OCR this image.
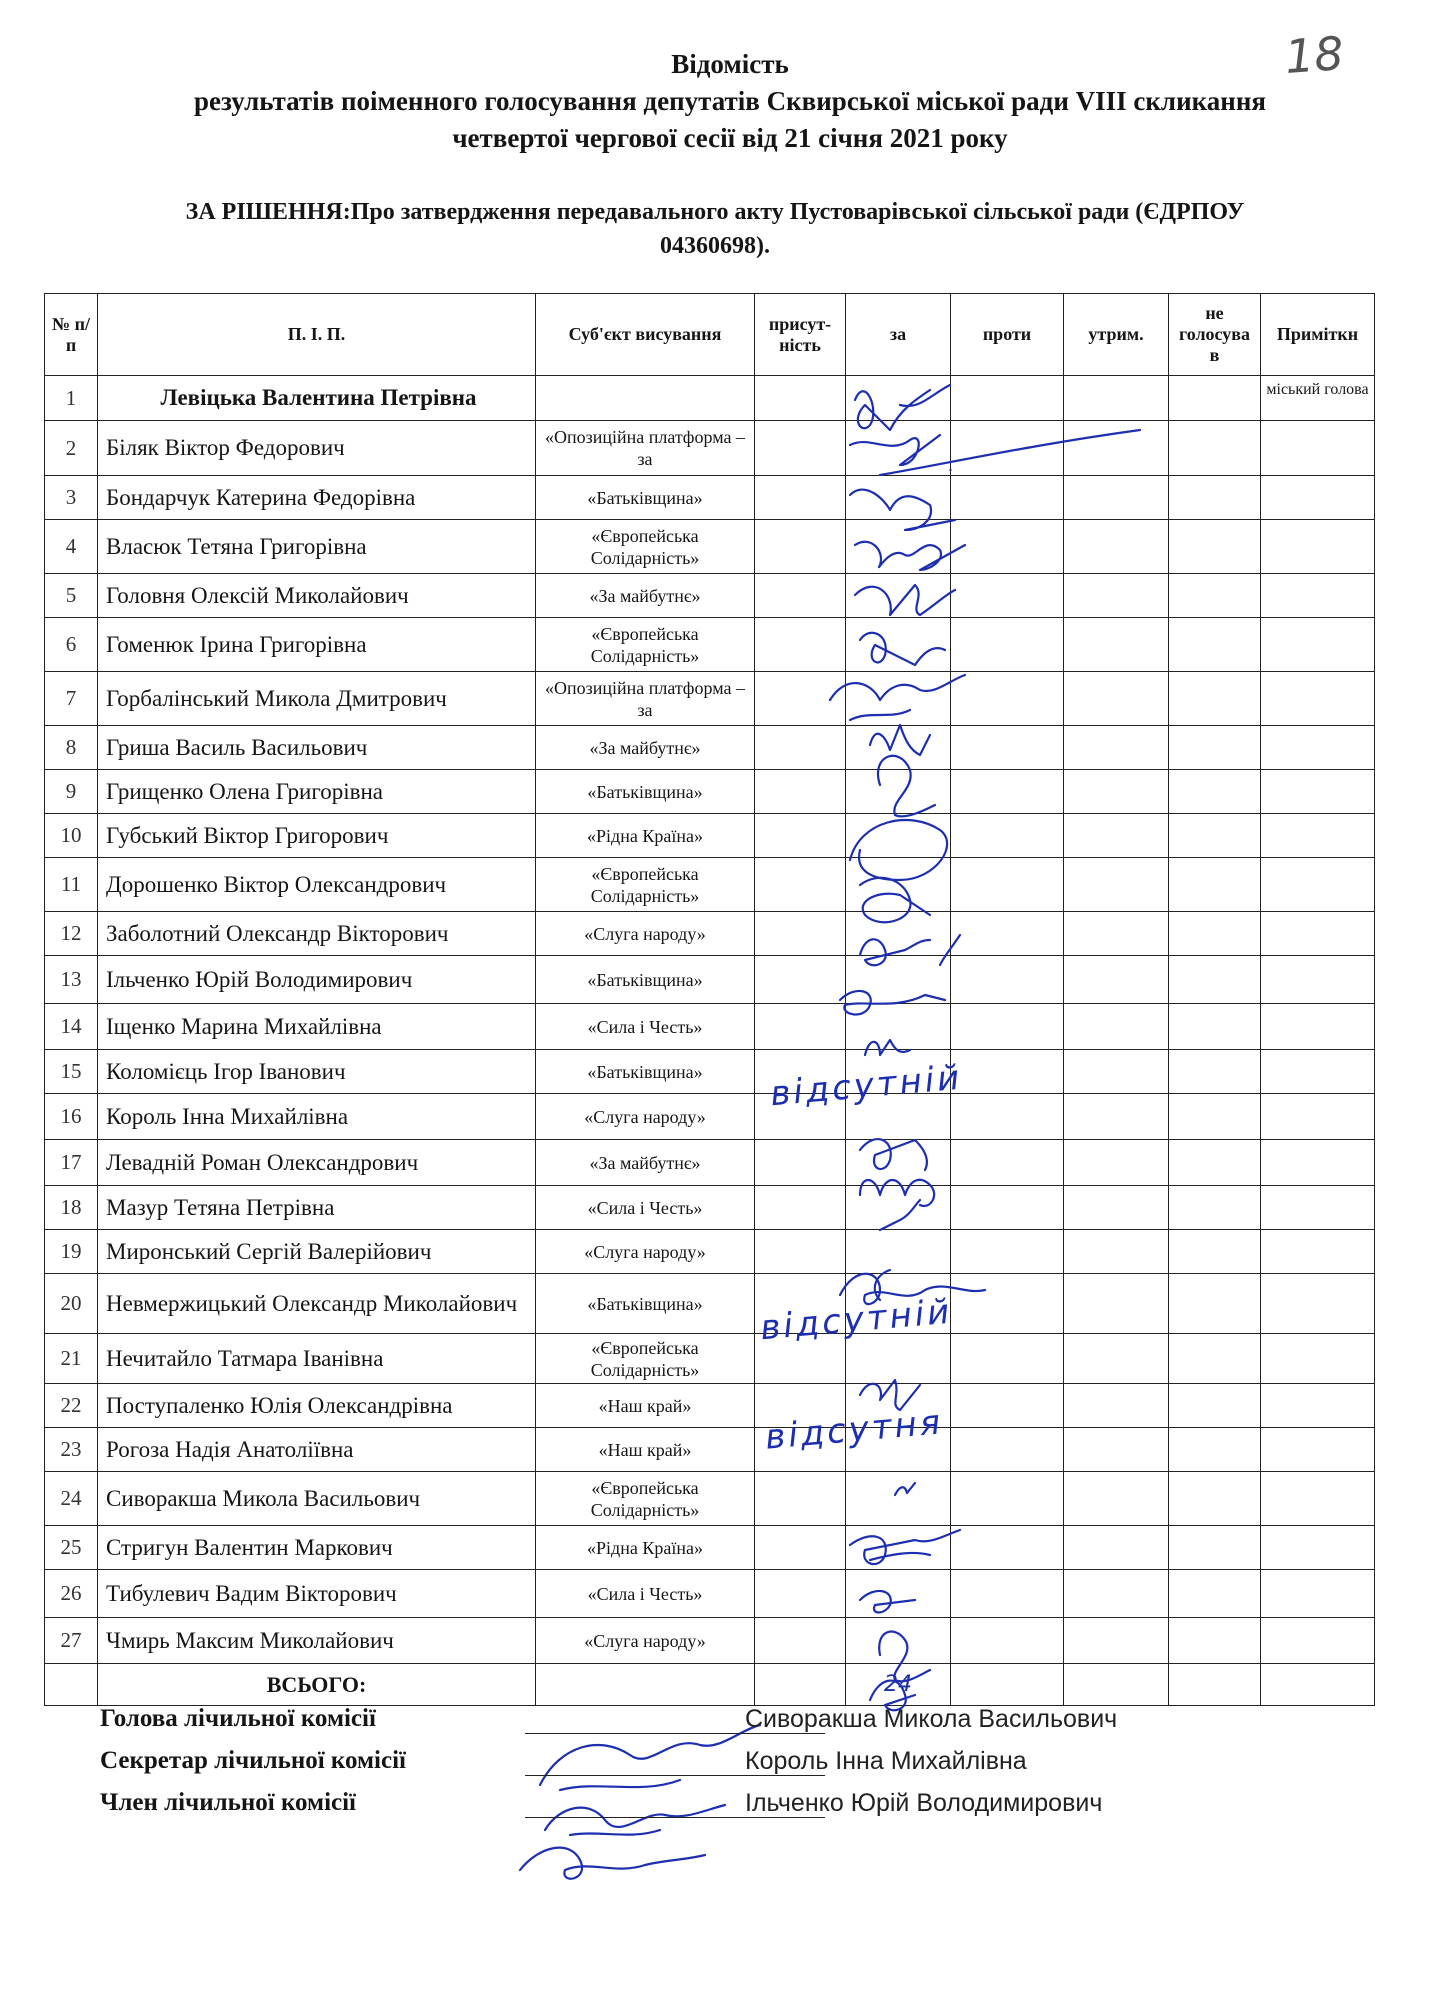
18
Відомість
результатів поіменного голосування депутатів Сквирської міської ради VIII скликання
четвертої чергової сесії від 21 січня 2021 року
ЗА РІШЕННЯ:Про затвердження передавального акту Пустоварівської сільської ради (ЄДРПОУ
04360698).
№ п/п	П. І. П.	Суб'єкт висування	присут-ність	за	проти	утрим.	не голосува в	Приміткн
1	Левіцька Валентина Петрівна							міський голова
2	Біляк Віктор Федорович	«Опозиційна платформа – за						
3	Бондарчук Катерина Федорівна	«Батьківщина»						
4	Власюк Тетяна Григорівна	«Європейська Солідарність»						
5	Головня Олексій Миколайович	«За майбутнє»						
6	Гоменюк Ірина Григорівна	«Європейська Солідарність»						
7	Горбалінський Микола Дмитрович	«Опозиційна платформа – за						
8	Гриша Василь Васильович	«За майбутнє»						
9	Грищенко Олена Григорівна	«Батьківщина»						
10	Губський Віктор Григорович	«Рідна Країна»						
11	Дорошенко Віктор Олександрович	«Європейська Солідарність»						
12	Заболотний Олександр Вікторович	«Слуга народу»						
13	Ільченко Юрій Володимирович	«Батьківщина»						
14	Іщенко Марина Михайлівна	«Сила і Честь»						
15	Коломієць Ігор Іванович	«Батьківщина»						
16	Король Інна Михайлівна	«Слуга народу»						
17	Левадній Роман Олександрович	«За майбутнє»						
18	Мазур Тетяна Петрівна	«Сила і Честь»						
19	Миронський Сергій Валерійович	«Слуга народу»						
20	Невмержицький Олександр Миколайович	«Батьківщина»						
21	Нечитайло Татмара Іванівна	«Європейська Солідарність»						
22	Поступаленко Юлія Олександрівна	«Наш край»						
23	Рогоза Надія Анатоліївна	«Наш край»						
24	Сиворакша Микола Васильович	«Європейська Солідарність»						
25	Стригун Валентин Маркович	«Рідна Країна»						
26	Тибулевич Вадим Вікторович	«Сила і Честь»						
27	Чмирь Максим Миколайович	«Слуга народу»						
	ВСЬОГО:			24				
відсутній
відсутній
відсутня
Голова лічильної комісії	Сиворакша Микола Васильович
Секретар лічильної комісії	Король Інна Михайлівна
Член лічильної комісії	Ільченко Юрій Володимирович
